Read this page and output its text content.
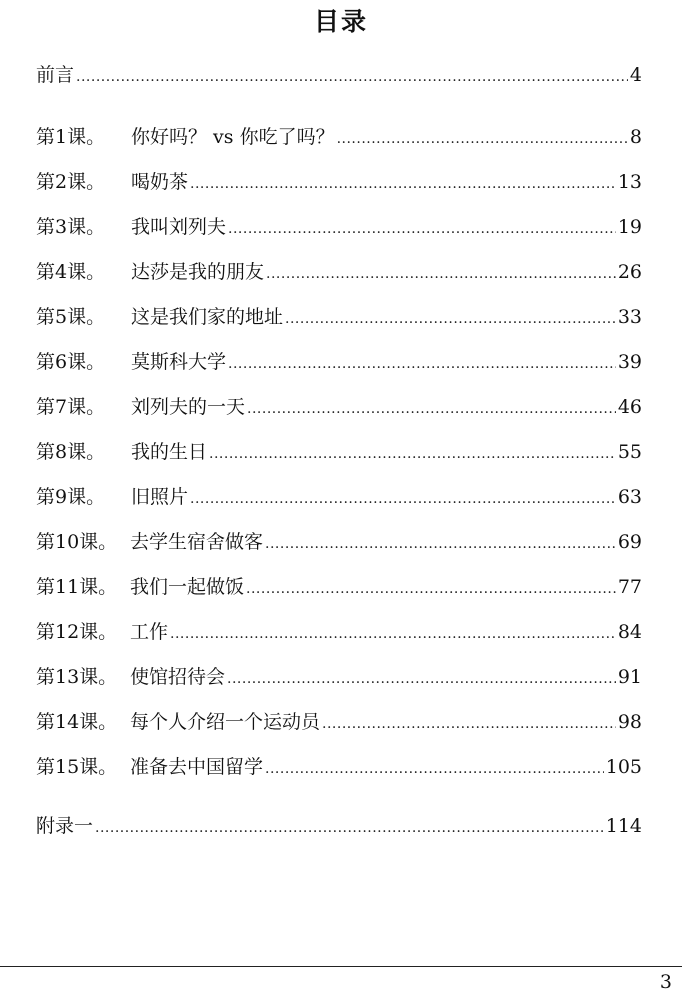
目录
前言 .....	4
第1课。	你好吗？ vs 你吃了吗？ .....	8
第2课。	喝奶茶 .....	13
第3课。	我叫刘列夫 .....	19
第4课。	达莎是我的朋友 .....	26
第5课。	这是我们家的地址 .....	33
第6课。	莫斯科大学 .....	39
第7课。	刘列夫的一天 .....	46
第8课。	我的生日 .....	55
第9课。	旧照片 .....	63
第10课。 去学生宿舍做客 .....	69
第11课。 我们一起做饭 .....	77
第12课。 工作 .....	84
第13课。 使馆招待会 .....	91
第14课。 每个人介绍一个运动员 .....	98
第15课。 准备去中国留学 .....	105
附录一 .....	114
3
